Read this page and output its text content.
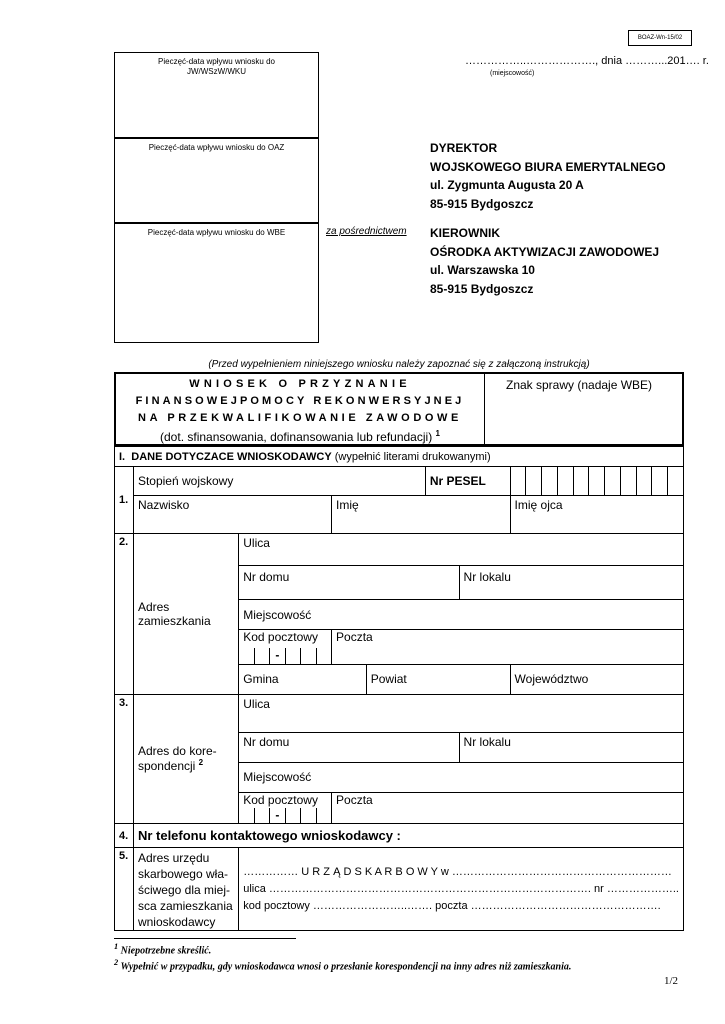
BOAZ-Wn-15/02
Pieczęć-data wpływu wniosku do JW/WSzW/WKU
Pieczęć-data wpływu wniosku do OAZ
Pieczęć-data wpływu wniosku do WBE
……………..………………., dnia ………...201…. r.
(miejscowość)
DYREKTOR
WOJSKOWEGO BIURA EMERYTALNEGO
ul. Zygmunta Augusta 20 A
85-915 Bydgoszcz
za pośrednictwem KIEROWNIK
OŚRODKA AKTYWIZACJI ZAWODOWEJ
ul. Warszawska 10
85-915 Bydgoszcz
(Przed wypełnieniem niniejszego wniosku należy zapoznać się z załączoną instrukcją)
WNIOSEK O PRZYZNANIE
FINANSOWEJPOMOCY REKONWERSYJNEJ
NA PRZEKWALIFIKOWANIE ZAWODOWE
(dot. sfinansowania, dofinansowania lub refundacji) $^1$
Znak sprawy (nadaje WBE)
I. DANE DOTYCZACE WNIOSKODAWCY (wypełnić literami drukowanymi)							
1.	Stopień wojskowy				Nr PESEL		

	Nazwisko		Imię				Imię ojca
2.	Adres zamieszkania	Ulica					
		Nr domu				Nr lokalu	
		Miejscowość					
		Kod pocztowy	Poczta				

		-					

		Gmina		Powiat			Województwo
3.	Adres do kore-spondencji $^2$	Ulica					
		Nr domu				Nr lokalu	
		Miejscowość					
		Kod pocztowy	Poczta				

		-					

4.	Nr telefonu kontaktowego wnioskodawcy :						
5.	Adres urzędu skarbowego wła-ściwego dla miej-sca zamieszkania wnioskodawcy	…………… U R Z Ą D S K A R B O W Y w ……………………………………………………
ulica ……………………………………………………………………………. nr ………………..
kod pocztowy ……………………..……. poczta …………………………………………….					
$^1$ Niepotrzebne skreślić.
$^2$ Wypełnić w przypadku, gdy wnioskodawca wnosi o przesłanie korespondencji na inny adres niż zamieszkania.
1/2
